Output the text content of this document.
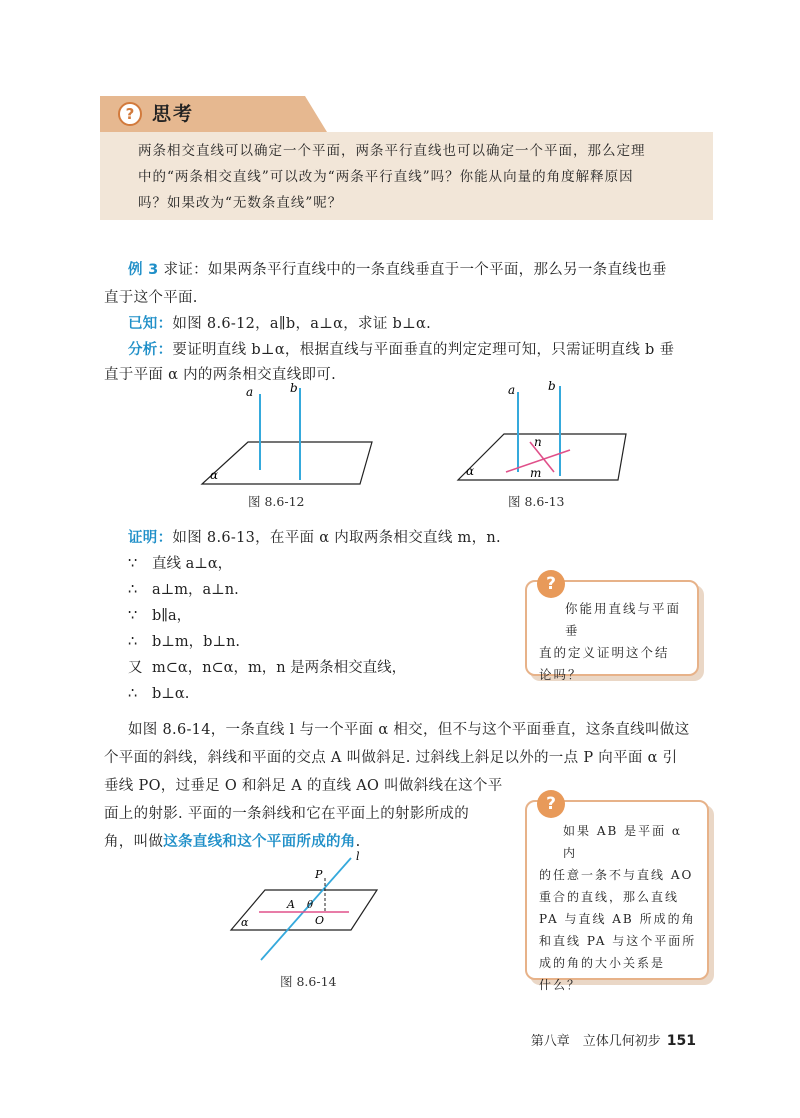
? 思考
两条相交直线可以确定一个平面，两条平行直线也可以确定一个平面，那么定理
中的“两条相交直线”可以改为“两条平行直线”吗？你能从向量的角度解释原因
吗？如果改为“无数条直线”呢？
例 3 求证：如果两条平行直线中的一条直线垂直于一个平面，那么另一条直线也垂
直于这个平面.
已知：如图 8.6-12，a∥b，a⊥α，求证 b⊥α.
分析：要证明直线 b⊥α，根据直线与平面垂直的判定定理可知，只需证明直线 b 垂
直于平面 α 内的两条相交直线即可.
a	b
α
图 8.6-12
a	b
α	m
n
图 8.6-13
证明：如图 8.6-13，在平面 α 内取两条相交直线 m，n.
∵ 直线 a⊥α，
∴ a⊥m，a⊥n.
∵ b∥a，
∴ b⊥m，b⊥n.
又 m⊂α，n⊂α，m，n 是两条相交直线，
∴ b⊥α.
?
你能用直线与平面垂
直的定义证明这个结
论吗？
如图 8.6-14，一条直线 l 与一个平面 α 相交，但不与这个平面垂直，这条直线叫做这
个平面的斜线，斜线和平面的交点 A 叫做斜足. 过斜线上斜足以外的一点 P 向平面 α 引
垂线 PO，过垂足 O 和斜足 A 的直线 AO 叫做斜线在这个平
面上的射影. 平面的一条斜线和它在平面上的射影所成的
角，叫做这条直线和这个平面所成的角.
l
P
A θ
O
α
图 8.6-14
?
如果 AB 是平面 α 内
的任意一条不与直线 AO
重合的直线，那么直线
PA 与直线 AB 所成的角
和直线 PA 与这个平面所
成的角的大小关系是
什么？
第八章　立体几何初步 151
